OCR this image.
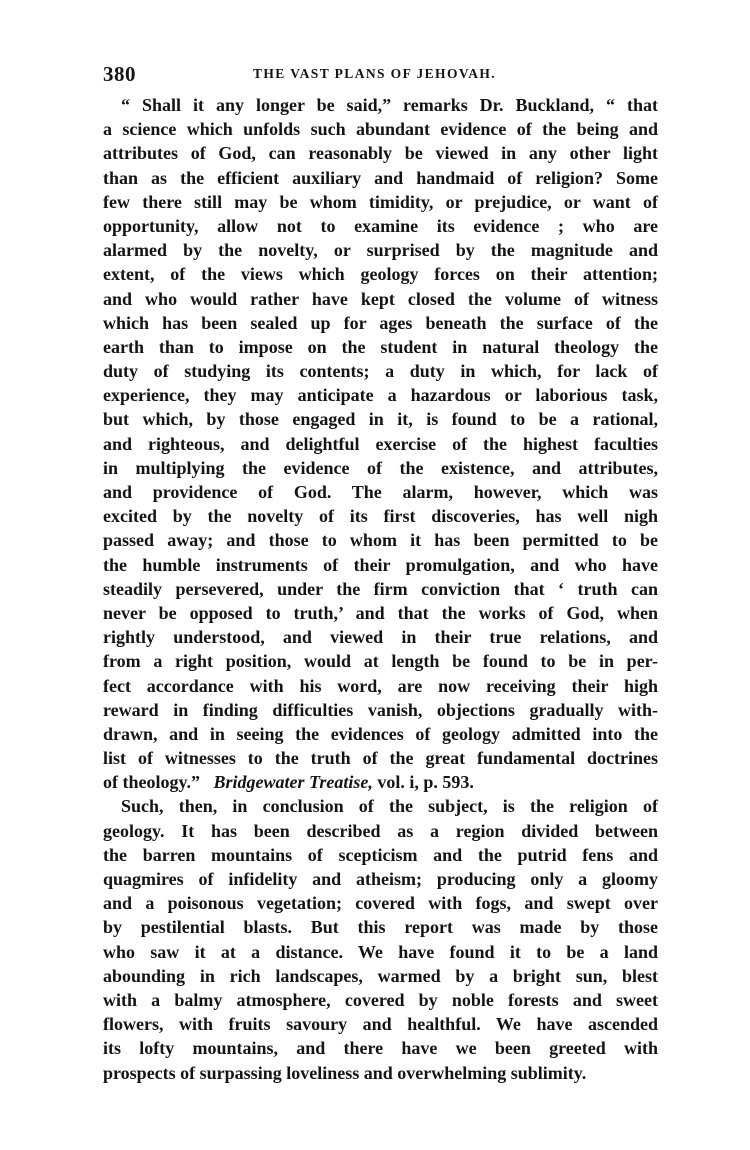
380	THE VAST PLANS OF JEHOVAH.
“ Shall it any longer be said,” remarks Dr. Buckland, “ that
a science which unfolds such abundant evidence of the being and
attributes of God, can reasonably be viewed in any other light
than as the efficient auxiliary and handmaid of religion? Some
few there still may be whom timidity, or prejudice, or want of
opportunity, allow not to examine its evidence ; who are
alarmed by the novelty, or surprised by the magnitude and
extent, of the views which geology forces on their attention;
and who would rather have kept closed the volume of witness
which has been sealed up for ages beneath the surface of the
earth than to impose on the student in natural theology the
duty of studying its contents; a duty in which, for lack of
experience, they may anticipate a hazardous or laborious task,
but which, by those engaged in it, is found to be a rational,
and righteous, and delightful exercise of the highest faculties
in multiplying the evidence of the existence, and attributes,
and providence of God. The alarm, however, which was
excited by the novelty of its first discoveries, has well nigh
passed away; and those to whom it has been permitted to be
the humble instruments of their promulgation, and who have
steadily persevered, under the firm conviction that ‘ truth can
never be opposed to truth,’ and that the works of God, when
rightly understood, and viewed in their true relations, and
from a right position, would at length be found to be in per-
fect accordance with his word, are now receiving their high
reward in finding difficulties vanish, objections gradually with-
drawn, and in seeing the evidences of geology admitted into the
list of witnesses to the truth of the great fundamental doctrines
of theology.” Bridgewater Treatise, vol. i, p. 593.
Such, then, in conclusion of the subject, is the religion of
geology. It has been described as a region divided between
the barren mountains of scepticism and the putrid fens and
quagmires of infidelity and atheism; producing only a gloomy
and a poisonous vegetation; covered with fogs, and swept over
by pestilential blasts. But this report was made by those
who saw it at a distance. We have found it to be a land
abounding in rich landscapes, warmed by a bright sun, blest
with a balmy atmosphere, covered by noble forests and sweet
flowers, with fruits savoury and healthful. We have ascended
its lofty mountains, and there have we been greeted with
prospects of surpassing loveliness and overwhelming sublimity.
